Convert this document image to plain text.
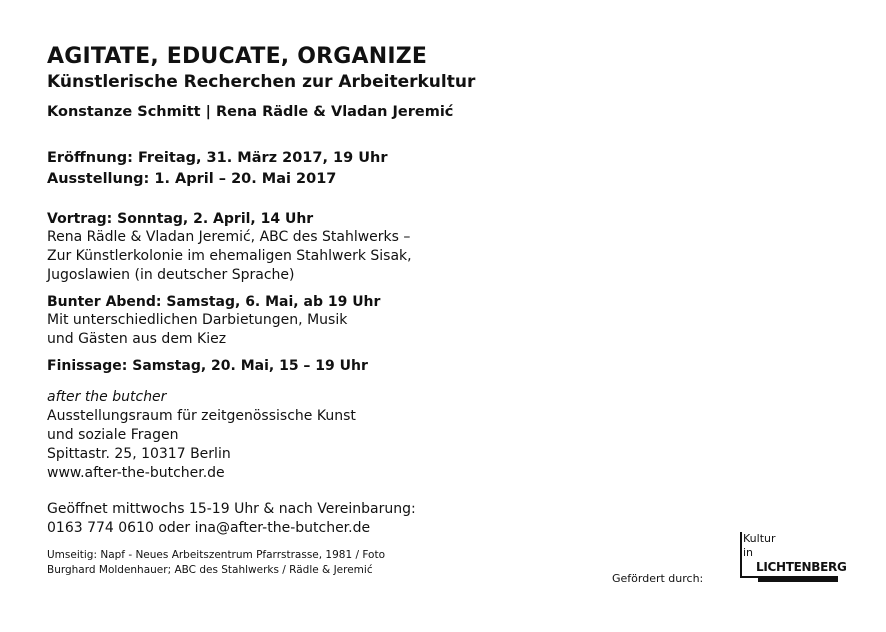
AGITATE, EDUCATE, ORGANIZE
Künstlerische Recherchen zur Arbeiterkultur

Konstanze Schmitt | Rena Rädle & Vladan Jeremić

Eröffnung: Freitag, 31. März 2017, 19 Uhr
Ausstellung: 1. April – 20. Mai 2017
Vortrag: Sonntag, 2. April, 14 Uhr
Rena Rädle & Vladan Jeremić, ABC des Stahlwerks –
Zur Künstlerkolonie im ehemaligen Stahlwerk Sisak,
Jugoslawien (in deutscher Sprache)
Bunter Abend: Samstag, 6. Mai, ab 19 Uhr
Mit unterschiedlichen Darbietungen, Musik
und Gästen aus dem Kiez
Finissage: Samstag, 20. Mai, 15 – 19 Uhr
after the butcher
Ausstellungsraum für zeitgenössische Kunst
und soziale Fragen
Spittastr. 25, 10317 Berlin
www.after-the-butcher.de
Geöffnet mittwochs 15-19 Uhr & nach Vereinbarung:
0163 774 0610 oder ina@after-the-butcher.de
Umseitig: Napf - Neues Arbeitszentrum Pfarrstrasse, 1981 / Foto
Burghard Moldenhauer; ABC des Stahlwerks / Rädle & Jeremić
Gefördert durch:
Kultur
in
LICHTENBERG
